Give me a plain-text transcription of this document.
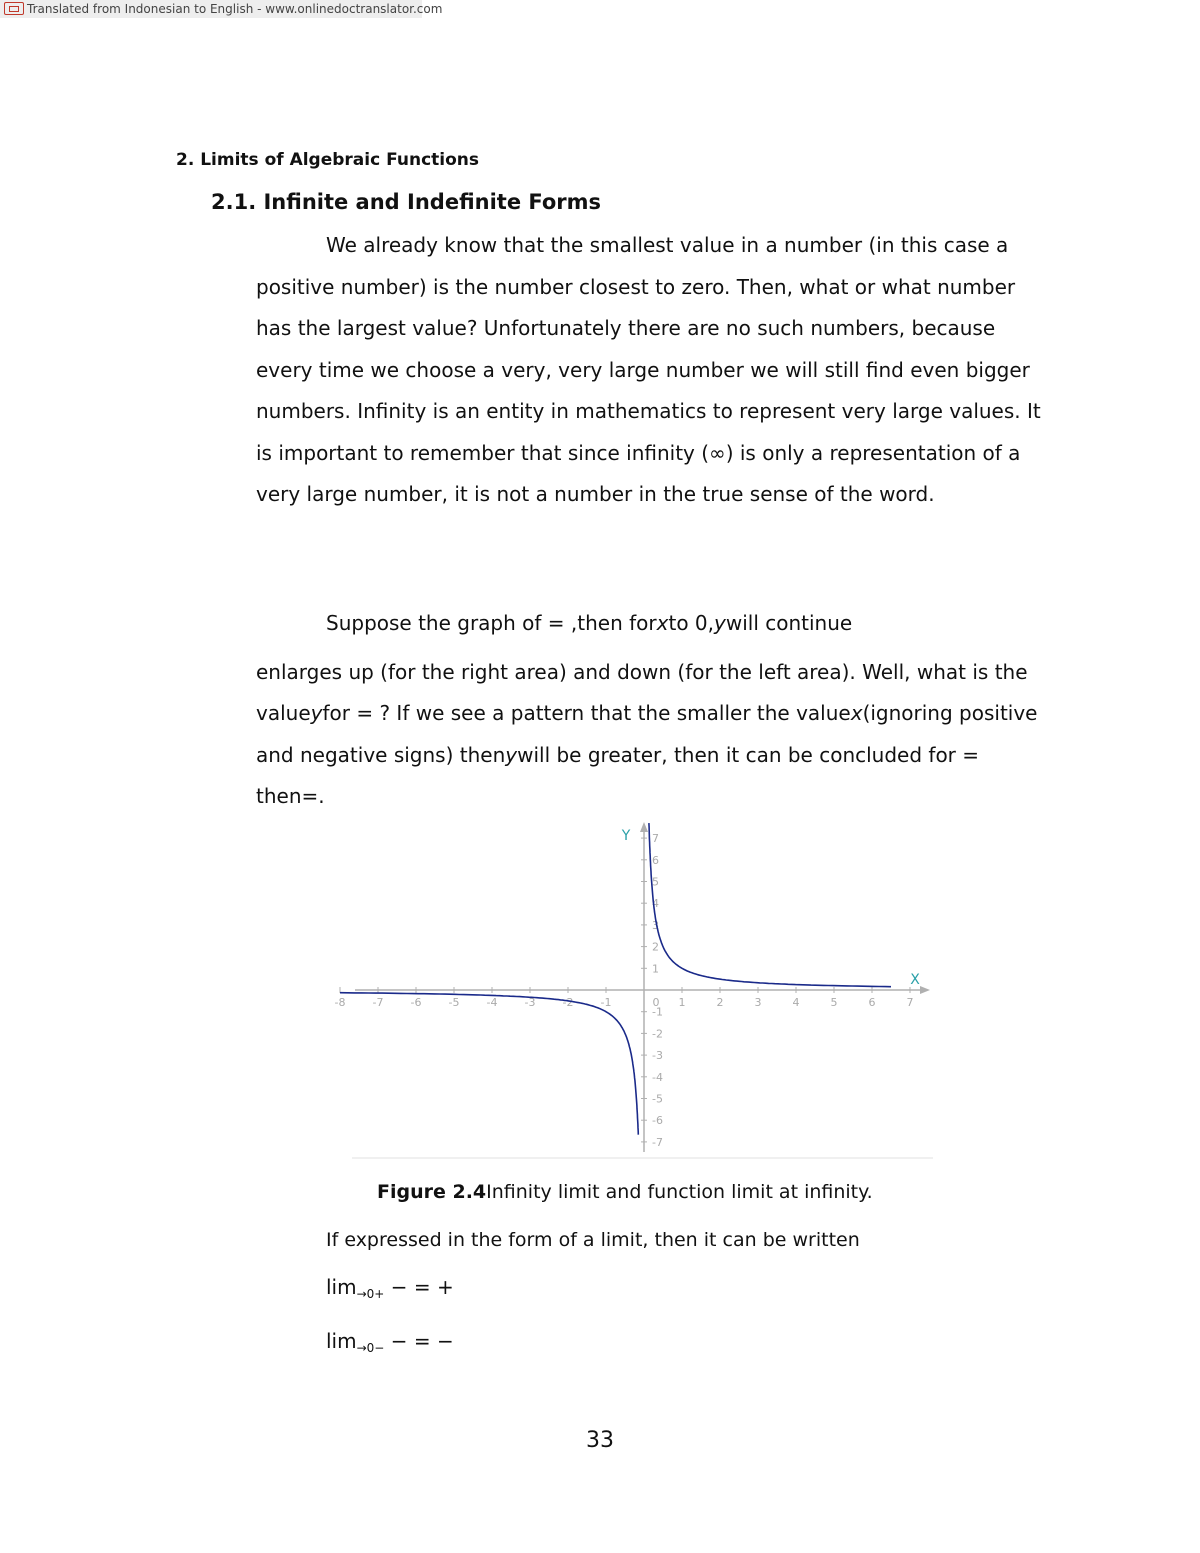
Translated from Indonesian to English - www.onlinedoctranslator.com
2. Limits of Algebraic Functions
2.1. Infinite and Indefinite Forms

We already know that the smallest value in a number (in this case a positive number) is the number closest to zero. Then, what or what number has the largest value? Unfortunately there are no such numbers, because every time we choose a very, very large number we will still find even bigger numbers. Infinity is an entity in mathematics to represent very large values. It is important to remember that since infinity (∞) is only a representation of a very large number, it is not a number in the true sense of the word.

Suppose the graph of = ,then forxto 0,ywill continue

enlarges up (for the right area) and down (for the left area). Well, what is the valueyfor = ? If we see a pattern that the smaller the valuex(ignoring positive and negative signs) thenywill be greater, then it can be concluded for = then=.

-8 -7 -6 -5 -4 -3 -2 -1	0 1	2	3	4	5	6	7
1
2
3
4
5
6
7
-1
-2
-3
-4
-5
-6
-7
X
Y
Figure 2.4Infinity limit and function limit at infinity.
If expressed in the form of a limit, then it can be written
$\lim_{\to 0+}$ − = +
$\lim_{\to 0-}$ − = −
33
